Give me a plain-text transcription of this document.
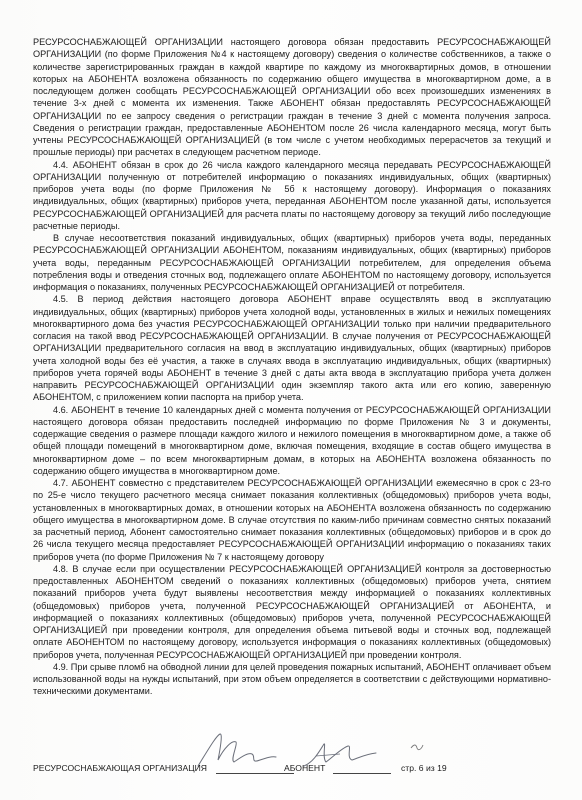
РЕСУРСОСНАБЖАЮЩЕЙ ОРГАНИЗАЦИИ настоящего договора обязан предоставить РЕСУРСОСНАБЖАЮЩЕЙ ОРГАНИЗАЦИИ (по форме Приложения №4 к настоящему договору) сведения о количестве собственников, а также о количестве зарегистрированных граждан в каждой квартире по каждому из многоквартирных домов, в отношении которых на АБОНЕНТА возложена обязанность по содержанию общего имущества в многоквартирном доме, а в последующем должен сообщать РЕСУРСОСНАБЖАЮЩЕЙ ОРГАНИЗАЦИИ обо всех произошедших изменениях в течение 3-х дней с момента их изменения. Также АБОНЕНТ обязан предоставлять РЕСУРСОСНАБЖАЮЩЕЙ ОРГАНИЗАЦИИ по ее запросу сведения о регистрации граждан в течение 3 дней с момента получения запроса. Сведения о регистрации граждан, предоставленные АБОНЕНТОМ после 26 числа календарного месяца, могут быть учтены РЕСУРСОСНАБЖАЮЩЕЙ ОРГАНИЗАЦИЕЙ (в том числе с учетом необходимых перерасчетов за текущий и прошлые периоды) при расчетах в следующем расчетном периоде.

4.4. АБОНЕНТ обязан в срок до 26 числа каждого календарного месяца передавать РЕСУРСОСНАБЖАЮЩЕЙ ОРГАНИЗАЦИИ полученную от потребителей информацию о показаниях индивидуальных, общих (квартирных) приборов учета воды (по форме Приложения № 5б к настоящему договору). Информация о показаниях индивидуальных, общих (квартирных) приборов учета, переданная АБОНЕНТОМ после указанной даты, используется РЕСУРСОСНАБЖАЮЩЕЙ ОРГАНИЗАЦИЕЙ для расчета платы по настоящему договору за текущий либо последующие расчетные периоды.

В случае несоответствия показаний индивидуальных, общих (квартирных) приборов учета воды, переданных РЕСУРСОСНАБЖАЮЩЕЙ ОРГАНИЗАЦИИ АБОНЕНТОМ, показаниям индивидуальных, общих (квартирных) приборов учета воды, переданным РЕСУРСОСНАБЖАЮЩЕЙ ОРГАНИЗАЦИИ потребителем, для определения объема потребления воды и отведения сточных вод, подлежащего оплате АБОНЕНТОМ по настоящему договору, используется информация о показаниях, полученных РЕСУРСОСНАБЖАЮЩЕЙ ОРГАНИЗАЦИЕЙ от потребителя.

4.5. В период действия настоящего договора АБОНЕНТ вправе осуществлять ввод в эксплуатацию индивидуальных, общих (квартирных) приборов учета холодной воды, установленных в жилых и нежилых помещениях многоквартирного дома без участия РЕСУРСОСНАБЖАЮЩЕЙ ОРГАНИЗАЦИИ только при наличии предварительного согласия на такой ввод РЕСУРСОСНАБЖАЮЩЕЙ ОРГАНИЗАЦИИ. В случае получения от РЕСУРСОСНАБЖАЮЩЕЙ ОРГАНИЗАЦИИ предварительного согласия на ввод в эксплуатацию индивидуальных, общих (квартирных) приборов учета холодной воды без её участия, а также в случаях ввода в эксплуатацию индивидуальных, общих (квартирных) приборов учета горячей воды АБОНЕНТ в течение 3 дней с даты акта ввода в эксплуатацию прибора учета должен направить РЕСУРСОСНАБЖАЮЩЕЙ ОРГАНИЗАЦИИ один экземпляр такого акта или его копию, заверенную АБОНЕНТОМ, с приложением копии паспорта на прибор учета.

4.6. АБОНЕНТ в течение 10 календарных дней с момента получения от РЕСУРСОСНАБЖАЮЩЕЙ ОРГАНИЗАЦИИ настоящего договора обязан предоставить последней информацию по форме Приложения № 3 и документы, содержащие сведения о размере площади каждого жилого и нежилого помещения в многоквартирном доме, а также об общей площади помещений в многоквартирном доме, включая помещения, входящие в состав общего имущества в многоквартирном доме – по всем многоквартирным домам, в которых на АБОНЕНТА возложена обязанность по содержанию общего имущества в многоквартирном доме.

4.7. АБОНЕНТ совместно с представителем РЕСУРСОСНАБЖАЮЩЕЙ ОРГАНИЗАЦИИ ежемесячно в срок с 23-го по 25-е число текущего расчетного месяца снимает показания коллективных (общедомовых) приборов учета воды, установленных в многоквартирных домах, в отношении которых на АБОНЕНТА возложена обязанность по содержанию общего имущества в многоквартирном доме. В случае отсутствия по каким-либо причинам совместно снятых показаний за расчетный период, Абонент самостоятельно снимает показания коллективных (общедомовых) приборов и в срок до 26 числа текущего месяца предоставляет РЕСУРСОСНАБЖАЮЩЕЙ ОРГАНИЗАЦИИ информацию о показаниях таких приборов учета (по форме Приложения № 7 к настоящему договору

4.8. В случае если при осуществлении РЕСУРСОСНАБЖАЮЩЕЙ ОРГАНИЗАЦИЕЙ контроля за достоверностью предоставленных АБОНЕНТОМ сведений о показаниях коллективных (общедомовых) приборов учета, снятием показаний приборов учета будут выявлены несоответствия между информацией о показаниях коллективных (общедомовых) приборов учета, полученной РЕСУРСОСНАБЖАЮЩЕЙ ОРГАНИЗАЦИЕЙ от АБОНЕНТА, и информацией о показаниях коллективных (общедомовых) приборов учета, полученной РЕСУРСОСНАБЖАЮЩЕЙ ОРГАНИЗАЦИЕЙ при проведении контроля, для определения объема питьевой воды и сточных вод, подлежащей оплате АБОНЕНТОМ по настоящему договору, используется информация о показаниях коллективных (общедомовых) приборов учета, полученная РЕСУРСОСНАБЖАЮЩЕЙ ОРГАНИЗАЦИЕЙ при проведении контроля.

4.9. При срыве пломб на обводной линии для целей проведения пожарных испытаний, АБОНЕНТ оплачивает объем использованной воды на нужды испытаний, при этом объем определяется в соответствии с действующими нормативно-техническими документами.

РЕСУРСОСНАБЖАЮЩАЯ ОРГАНИЗАЦИЯ	АБОНЕНТ	стр. 6 из 19
